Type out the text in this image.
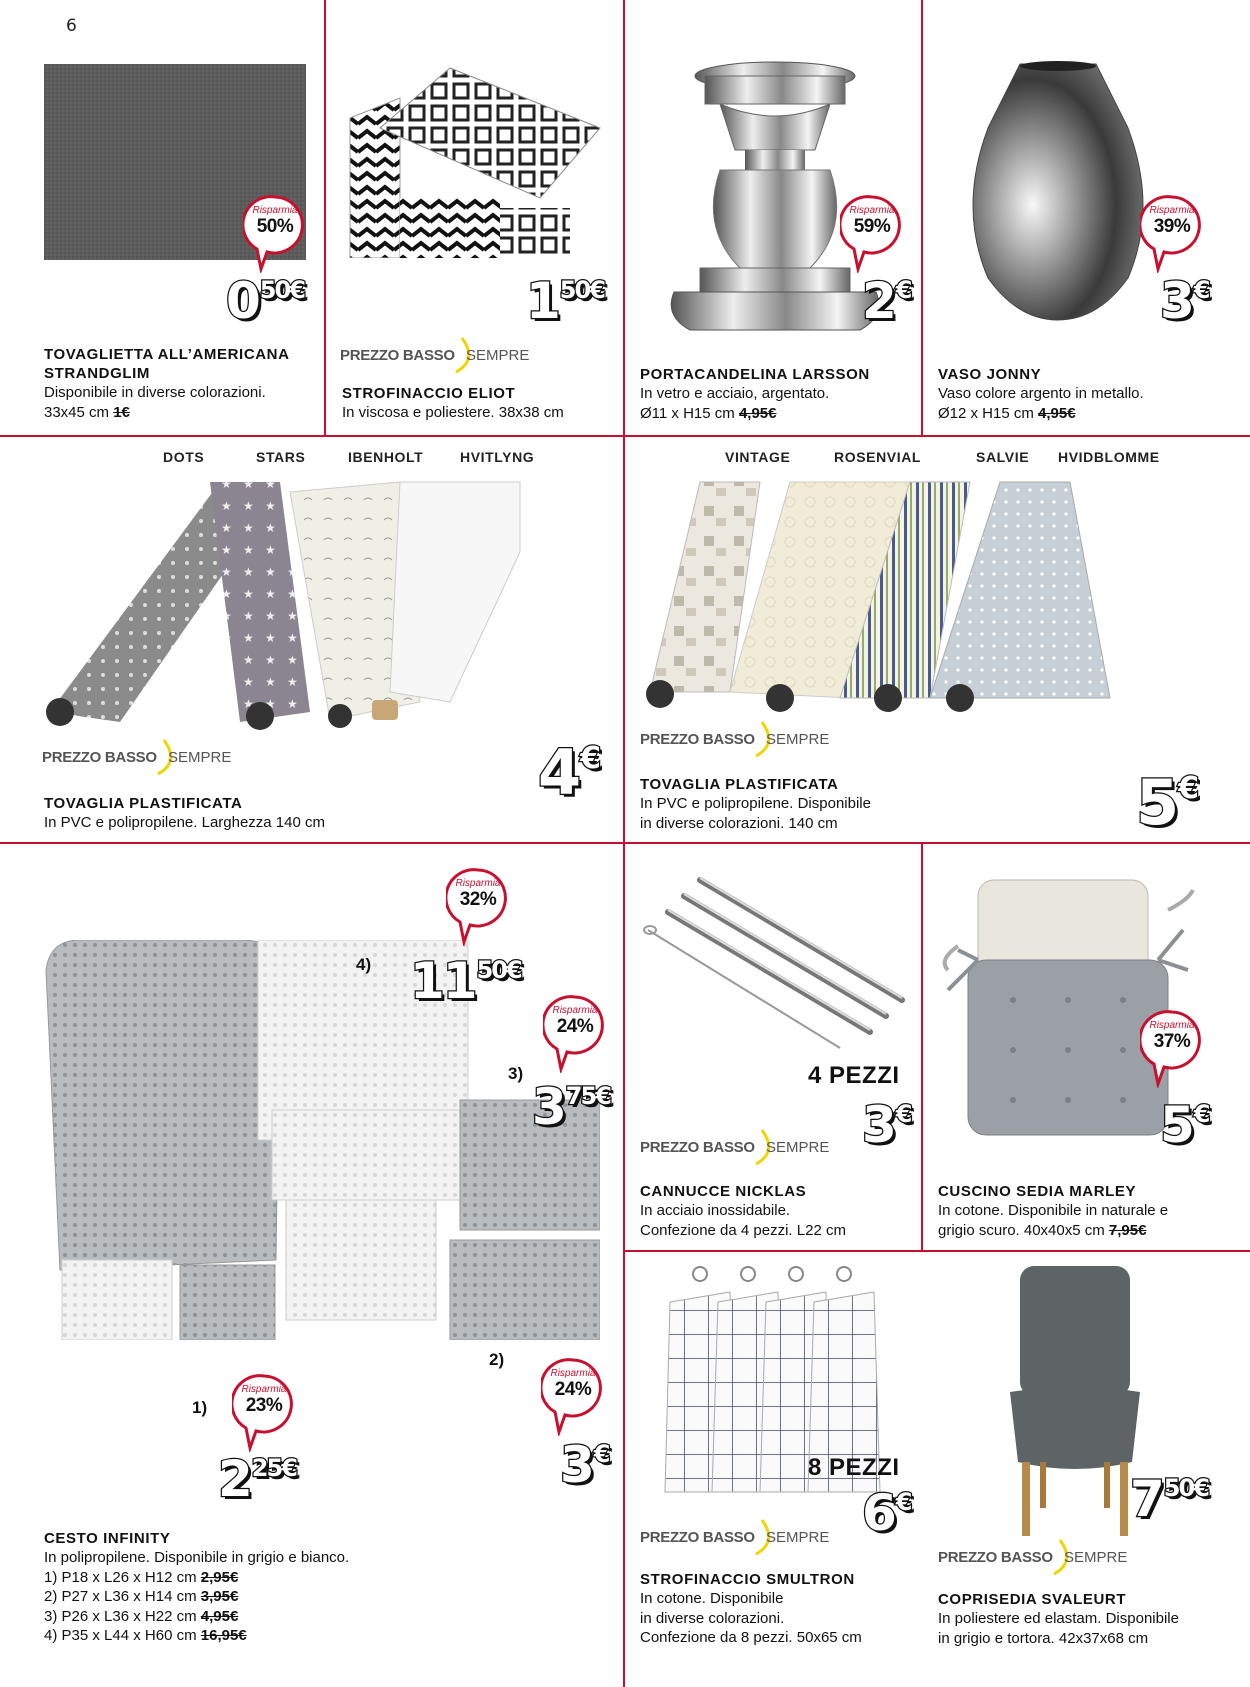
6
Risparmia
50%
050€
TOVAGLIETTA ALL’AMERICANA
STRANDGLIM
Disponibile in diverse colorazioni.
33x45 cm 1€
150€
PREZZO BASSO SEMPRE
STROFINACCIO ELIOT
In viscosa e poliestere. 38x38 cm
Risparmia
59%
2€
PORTACANDELINA LARSSON
In vetro e acciaio, argentato.
Ø11 x H15 cm 4,95€
Risparmia
39%
3€
VASO JONNY
Vaso colore argento in metallo.
Ø12 x H15 cm 4,95€
DOTS	STARS	IBENHOLT	HVITLYNG
4€
PREZZO BASSO SEMPRE
TOVAGLIA PLASTIFICATA
In PVC e polipropilene. Larghezza 140 cm
VINTAGE	ROSENVIAL	SALVIE HVIDBLOMME
PREZZO BASSO SEMPRE
TOVAGLIA PLASTIFICATA
In PVC e polipropilene. Disponibile
in diverse colorazioni. 140 cm	5€
Risparmia
32%
4) 1150€
Risparmia
24%
3)
375€
2)
Risparmia
24%
3€
1)
Risparmia
23%
225€
CESTO INFINITY
In polipropilene. Disponibile in grigio e bianco.
1) P18 x L26 x H12 cm 2,95€
2) P27 x L36 x H14 cm 3,95€
3) P26 x L36 x H22 cm 4,95€
4) P35 x L44 x H60 cm 16,95€
4 PEZZI
3€
PREZZO BASSO SEMPRE
CANNUCCE NICKLAS
In acciaio inossidabile.
Confezione da 4 pezzi. L22 cm
Risparmia
37%
5€
CUSCINO SEDIA MARLEY
In cotone. Disponibile in naturale e
grigio scuro. 40x40x5 cm 7,95€
8 PEZZI
6€
PREZZO BASSO SEMPRE
STROFINACCIO SMULTRON
In cotone. Disponibile
in diverse colorazioni.
Confezione da 8 pezzi. 50x65 cm
750€
PREZZO BASSO SEMPRE
COPRISEDIA SVALEURT
In poliestere ed elastam. Disponibile
in grigio e tortora. 42x37x68 cm
